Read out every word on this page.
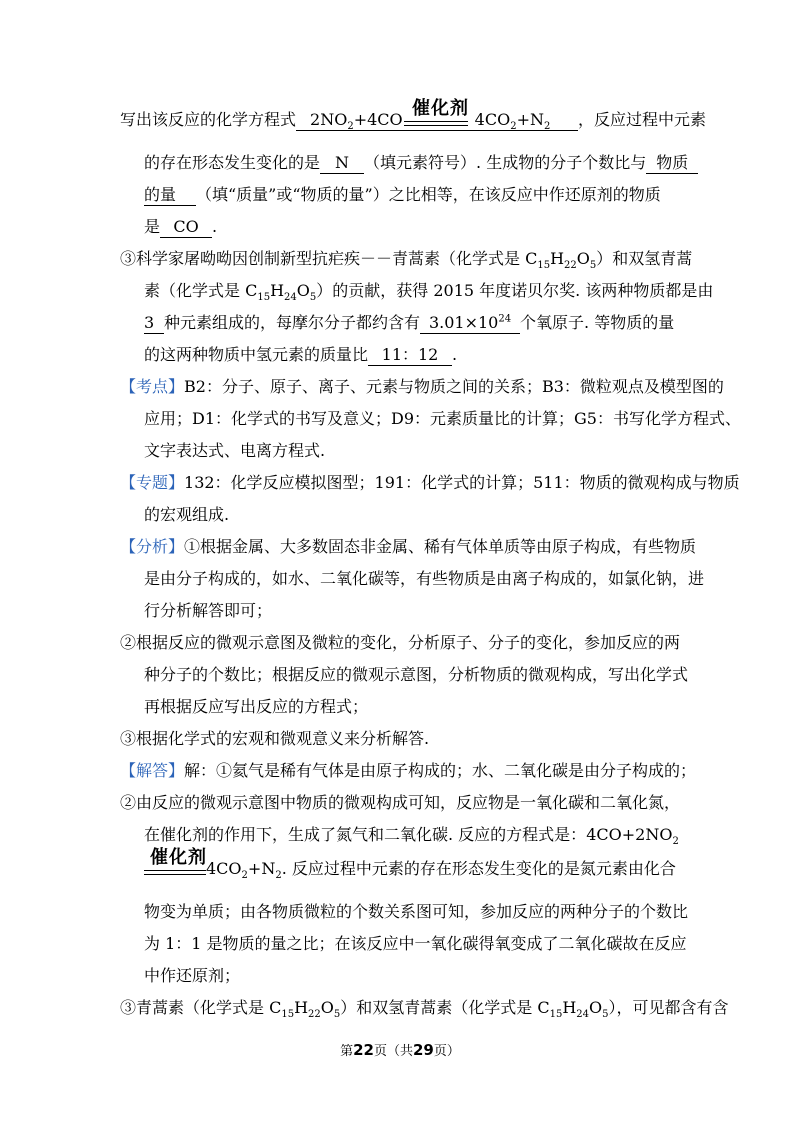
催化剂
写出该反应的化学方程式 $2NO_2+4CO$	$4CO_2+N_2$ ，反应过程中元素
的存在形态发生变化的是 N （填元素符号）. 生成物的分子个数比与 物质
的量 （填“质量”或“物质的量”）之比相等，在该反应中作还原剂的物质
是 CO .
③科学家屠呦呦因创制新型抗疟疾－－青蒿素（化学式是 $C_{15}H_{22}O_5$）和双氢青蒿
素（化学式是 $C_{15}H_{24}O_5$）的贡献，获得 2015 年度诺贝尔奖. 该两种物质都是由
3 种元素组成的，每摩尔分子都约含有 $3.01\times 10^{24}$ 个氧原子. 等物质的量
的这两种物质中氢元素的质量比 11：12 .
【考点】B2：分子、原子、离子、元素与物质之间的关系；B3：微粒观点及模型图的
应用；D1：化学式的书写及意义；D9：元素质量比的计算；G5：书写化学方程式、
文字表达式、电离方程式.
【专题】132：化学反应模拟图型；191：化学式的计算；511：物质的微观构成与物质
的宏观组成.
【分析】①根据金属、大多数固态非金属、稀有气体单质等由原子构成，有些物质
是由分子构成的，如水、二氧化碳等，有些物质是由离子构成的，如氯化钠，进
行分析解答即可；
②根据反应的微观示意图及微粒的变化，分析原子、分子的变化，参加反应的两
种分子的个数比；根据反应的微观示意图，分析物质的微观构成，写出化学式
再根据反应写出反应的方程式；
③根据化学式的宏观和微观意义来分析解答.
【解答】解：①氦气是稀有气体是由原子构成的；水、二氧化碳是由分子构成的；
②由反应的微观示意图中物质的微观构成可知，反应物是一氧化碳和二氧化氮，
在催化剂的作用下，生成了氮气和二氧化碳. 反应的方程式是：$4CO+2NO_2$
催化剂
$4CO_2+N_2$. 反应过程中元素的存在形态发生变化的是氮元素由化合
物变为单质；由各物质微粒的个数关系图可知，参加反应的两种分子的个数比
为 1：1 是物质的量之比；在该反应中一氧化碳得氧变成了二氧化碳故在反应
中作还原剂；
③青蒿素（化学式是 $C_{15}H_{22}O_5$）和双氢青蒿素（化学式是 $C_{15}H_{24}O_5$），可见都含有含
第22页（共29页）
